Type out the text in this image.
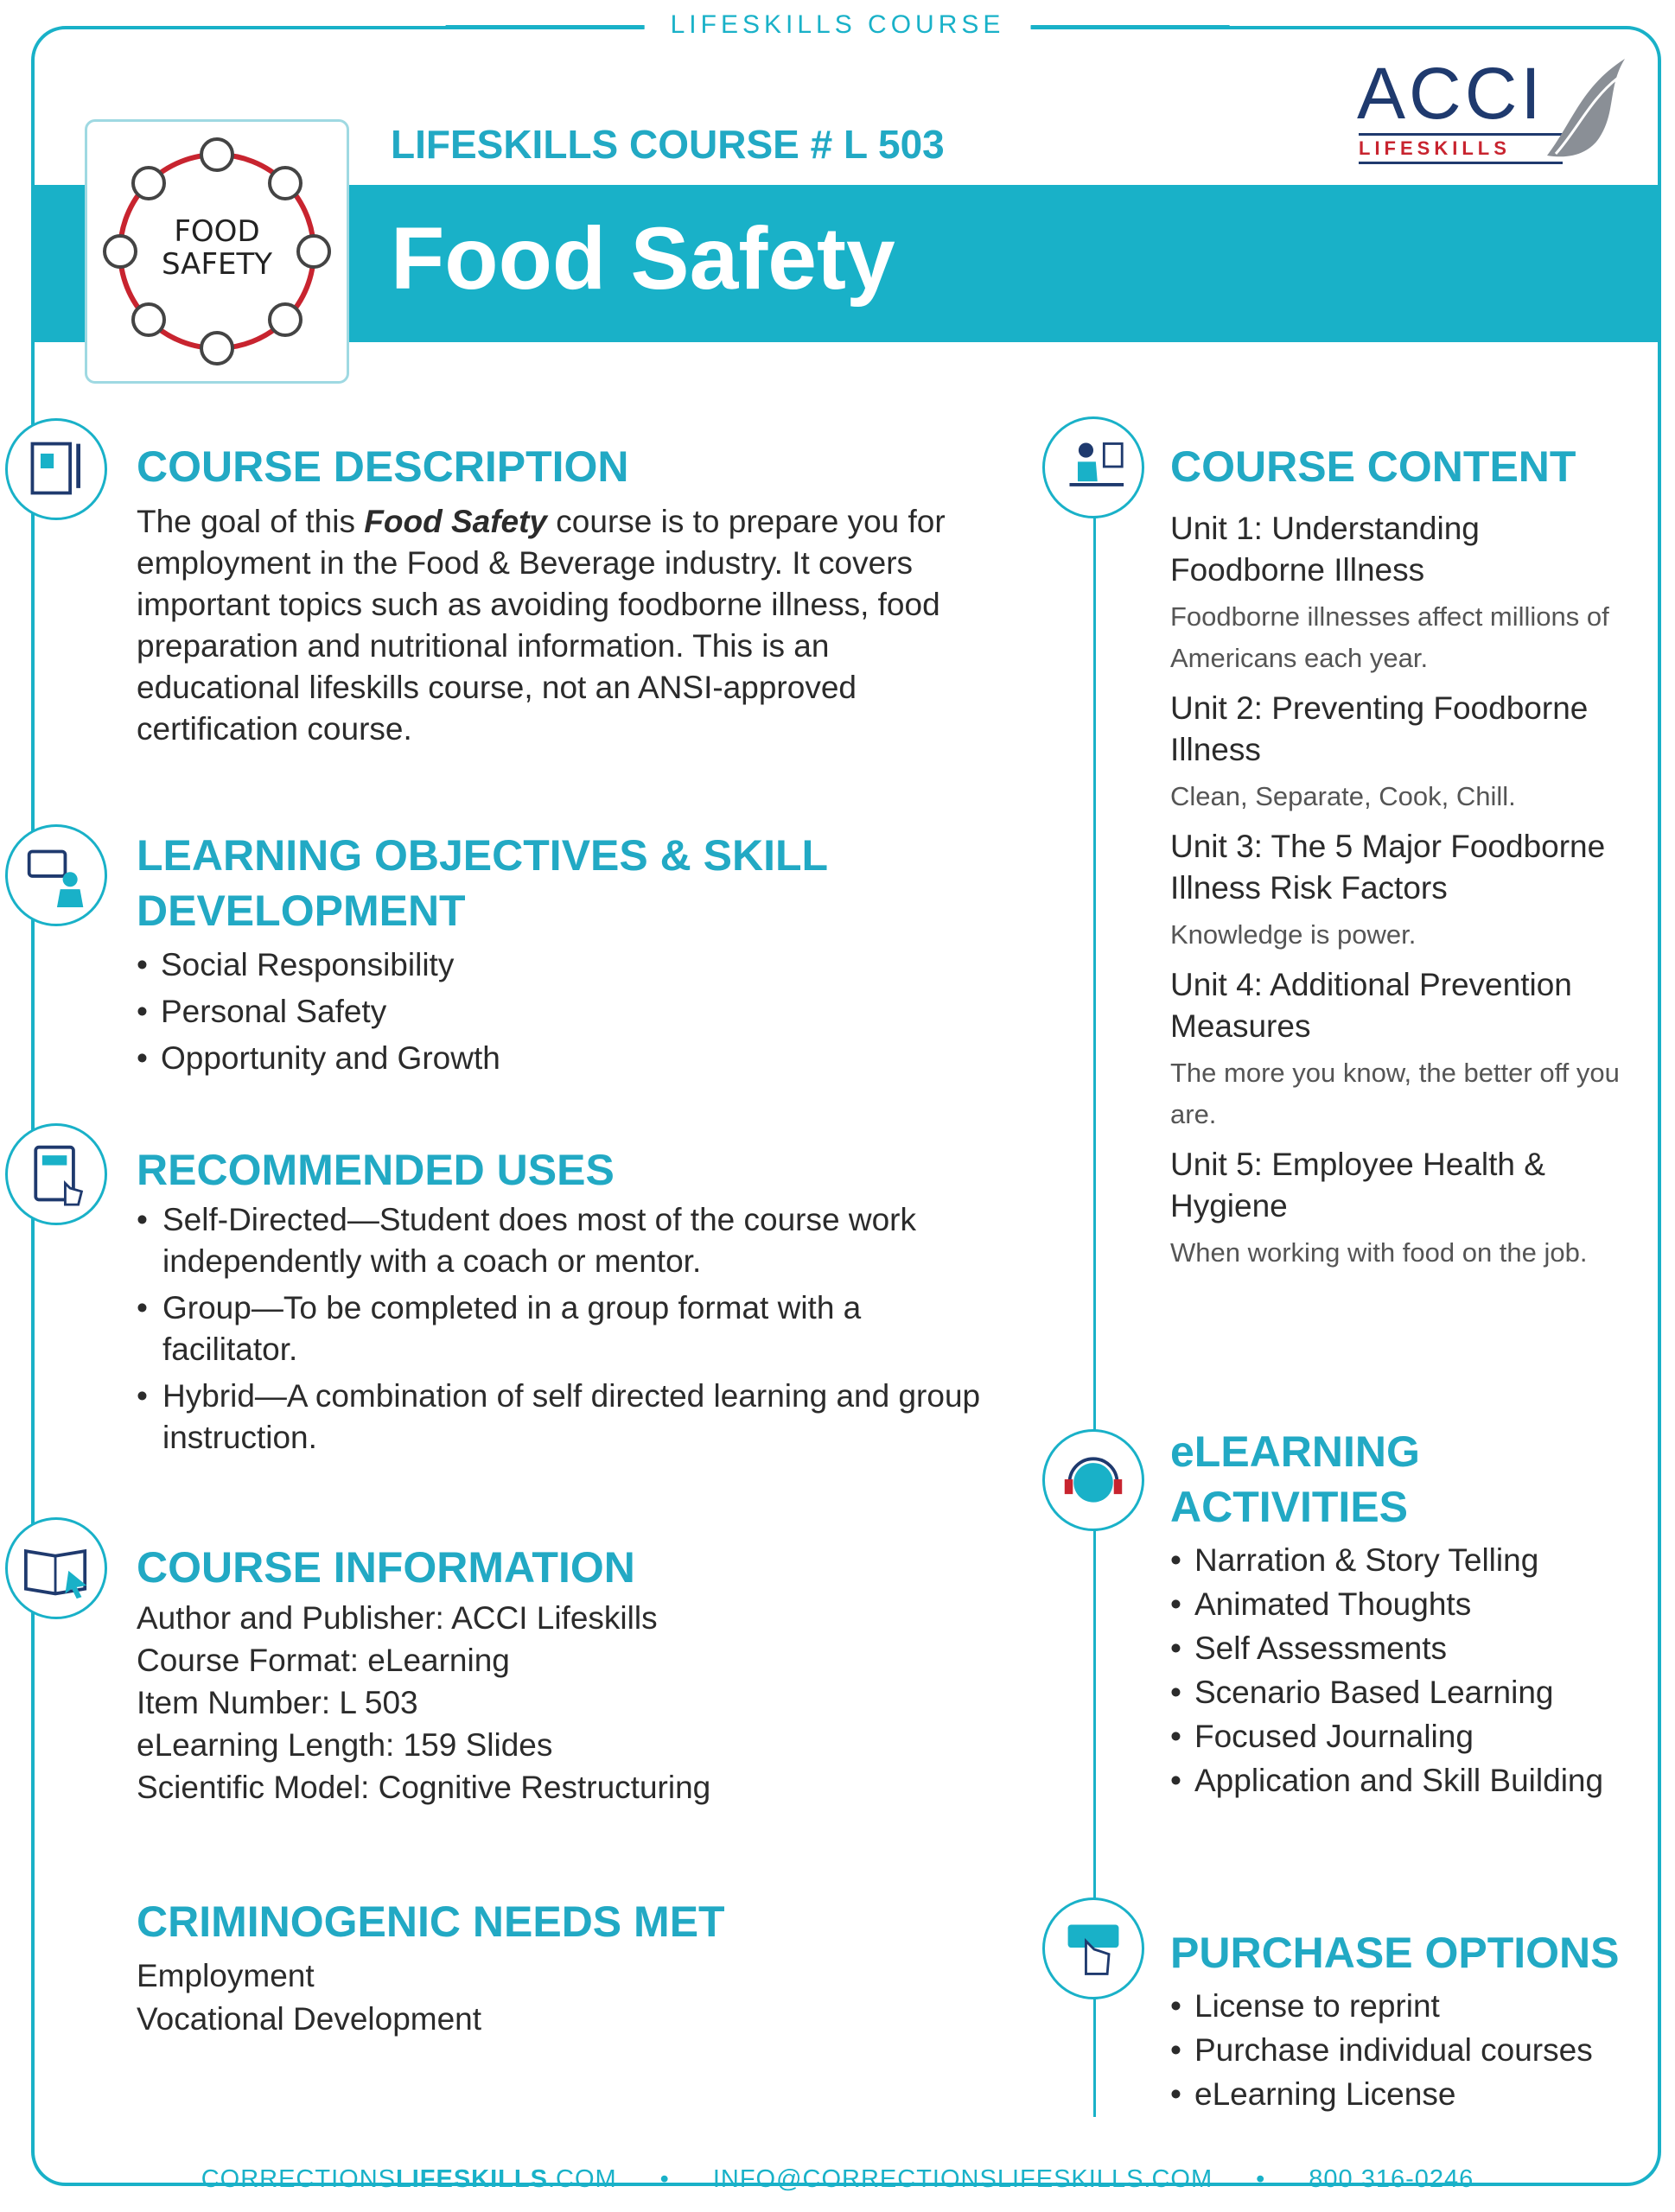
LIFESKILLS COURSE
LIFESKILLS COURSE # L 503
Food Safety
FOOD
SAFETY
ACCI
LIFESKILLS
COURSE DESCRIPTION

The goal of this Food Safety course is to prepare you for employment in the Food & Beverage industry. It covers important topics such as avoiding foodborne illness, food preparation and nutritional information. This is an educational lifeskills course, not an ANSI-approved certification course.

LEARNING OBJECTIVES & SKILL
DEVELOPMENT
• Social Responsibility
• Personal Safety
• Opportunity and Growth
RECOMMENDED USES
• Self-Directed—Student does most of the course work independently with a coach or mentor.
• Group—To be completed in a group format with a facilitator.
• Hybrid—A combination of self directed learning and group instruction.
COURSE INFORMATION
Author and Publisher: ACCI Lifeskills
Course Format: eLearning
Item Number: L 503
eLearning Length: 159 Slides
Scientific Model: Cognitive Restructuring
CRIMINOGENIC NEEDS MET
Employment
Vocational Development
COURSE CONTENT
Unit 1: Understanding Foodborne Illness
Foodborne illnesses affect millions of Americans each year.
Unit 2: Preventing Foodborne Illness
Clean, Separate, Cook, Chill.
Unit 3: The 5 Major Foodborne Illness Risk Factors
Knowledge is power.
Unit 4: Additional Prevention Measures
The more you know, the better off you are.
Unit 5: Employee Health & Hygiene
When working with food on the job.
eLEARNING
ACTIVITIES
• Narration & Story Telling
• Animated Thoughts
• Self Assessments
• Scenario Based Learning
• Focused Journaling
• Application and Skill Building
PURCHASE OPTIONS
• License to reprint
• Purchase individual courses
• eLearning License
CORRECTIONSLIFESKILLS.COM • INFO@CORRECTIONSLIFESKILLS.COM • 800 316-0246
